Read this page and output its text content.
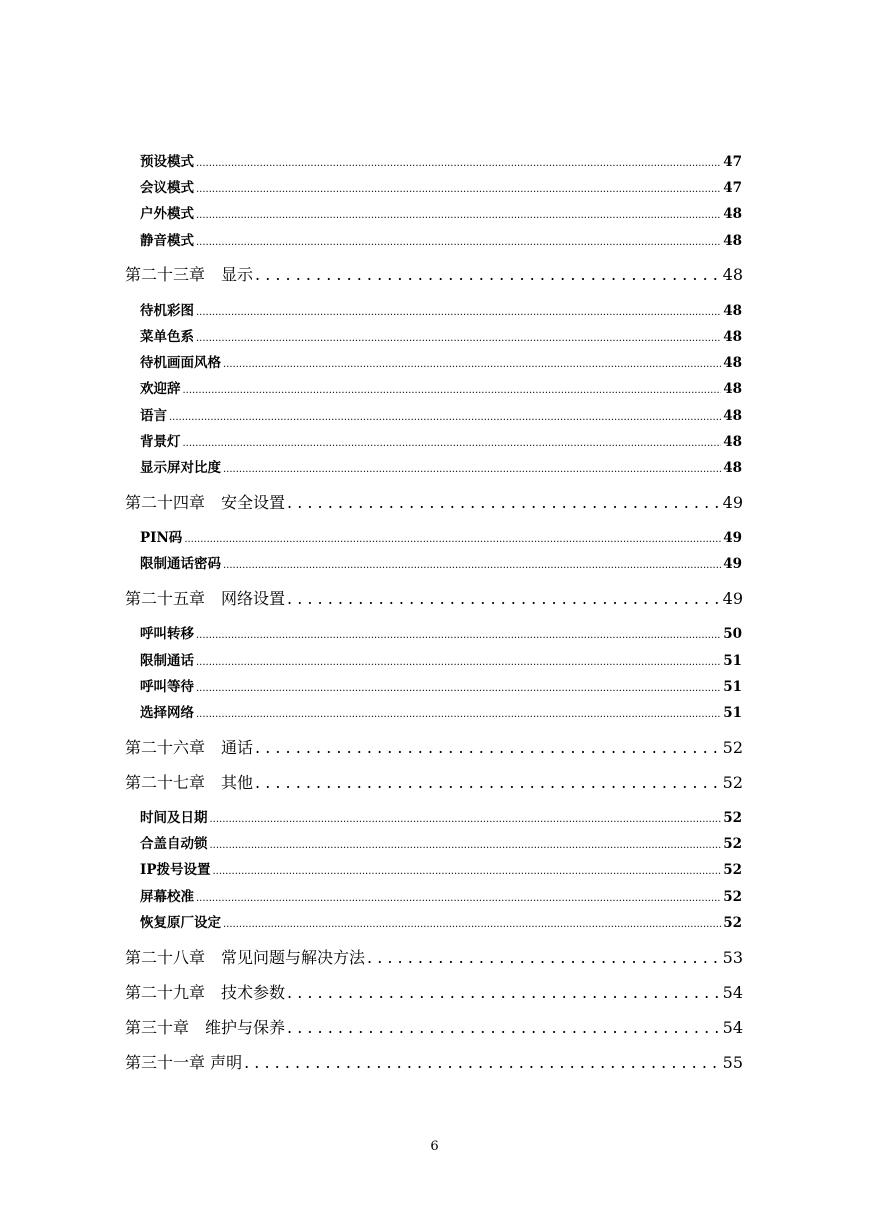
预设模式 .....	47
会议模式 .....	47
户外模式 .....	48
静音模式 .....	48
第二十三章　显示 . . .	48
待机彩图 .....	48
菜单色系 .....	48
待机画面风格 .....	48
欢迎辞 .....	48
语言 .....	48
背景灯 .....	48
显示屏对比度 .....	48
第二十四章　安全设置 . . .	49
PIN码 .....	49
限制通话密码 .....	49
第二十五章　网络设置 . . .	49
呼叫转移 .....	50
限制通话 .....	51
呼叫等待 .....	51
选择网络 .....	51
第二十六章　通话 . . .	52
第二十七章　其他 . . .	52
时间及日期 .....	52
合盖自动锁 .....	52
IP拨号设置 .....	52
屏幕校准 .....	52
恢复原厂设定 .....	52
第二十八章　常见问题与解决方法 . . .	53
第二十九章　技术参数 . . .	54
第三十章　维护与保养 . . .	54
第三十一章 声明 . . .	55
6
